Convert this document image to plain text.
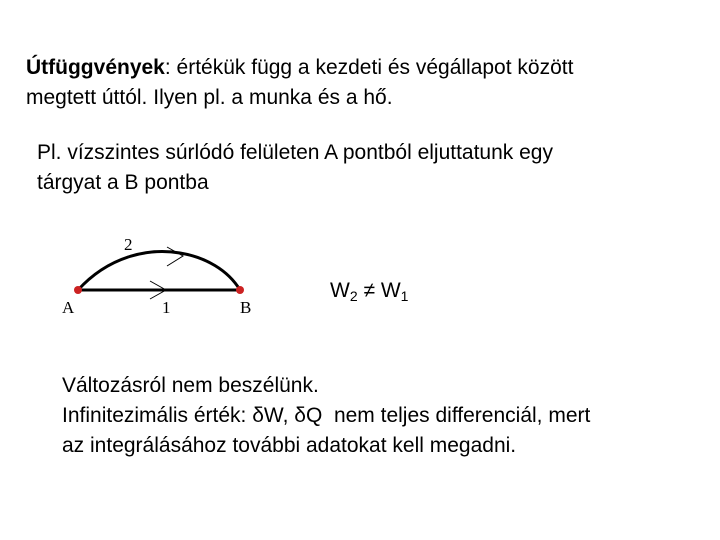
Útfüggvények: értékük függ a kezdeti és végállapot között
megtett úttól. Ilyen pl. a munka és a hő.
Pl. vízszintes súrlódó felületen A pontból eljuttatunk egy
tárgyat a B pontba
A	B
1
2
$W_2 \ne W_1$
Változásról nem beszélünk.
Infinitezimális érték: δW, δQ  nem teljes differenciál, mert
az integrálásához további adatokat kell megadni.
